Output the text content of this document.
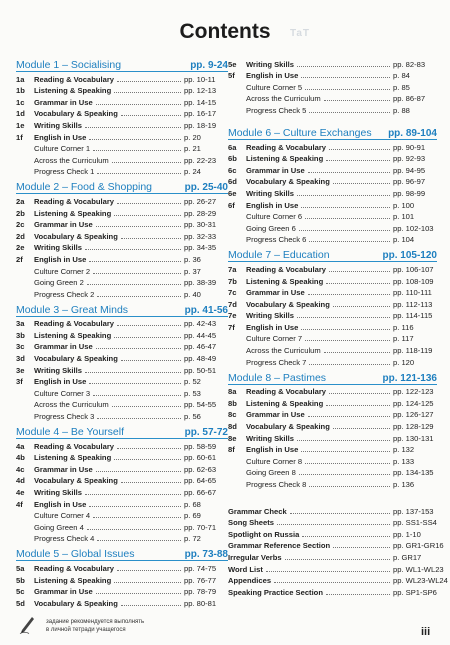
Contents	TaT
Module 1 – Socialising	pp. 9-24
1a	Reading & Vocabulary	pp. 10-11
1b	Listening & Speaking	pp. 12-13
1c	Grammar in Use	pp. 14-15
1d	Vocabulary & Speaking	pp. 16-17
1e	Writing Skills	pp. 18-19
1f	English in Use	p. 20
Culture Corner 1	p. 21
Across the Curriculum	pp. 22-23
Progress Check 1	p. 24
Module 2 – Food & Shopping	pp. 25-40
2a	Reading & Vocabulary	pp. 26-27
2b	Listening & Speaking	pp. 28-29
2c	Grammar in Use	pp. 30-31
2d	Vocabulary & Speaking	pp. 32-33
2e	Writing Skills	pp. 34-35
2f	English in Use	p. 36
Culture Corner 2	p. 37
Going Green 2	pp. 38-39
Progress Check 2	p. 40
Module 3 – Great Minds	pp. 41-56
3a	Reading & Vocabulary	pp. 42-43
3b	Listening & Speaking	pp. 44-45
3c	Grammar in Use	pp. 46-47
3d	Vocabulary & Speaking	pp. 48-49
3e	Writing Skills	pp. 50-51
3f	English in Use	p. 52
Culture Corner 3	p. 53
Across the Curriculum	pp. 54-55
Progress Check 3	p. 56
Module 4 – Be Yourself	pp. 57-72
4a	Reading & Vocabulary	pp. 58-59
4b	Listening & Speaking	pp. 60-61
4c	Grammar in Use	pp. 62-63
4d	Vocabulary & Speaking	pp. 64-65
4e	Writing Skills	pp. 66-67
4f	English in Use	p. 68
Culture Corner 4	p. 69
Going Green 4	pp. 70-71
Progress Check 4	p. 72
Module 5 – Global Issues	pp. 73-88
5a	Reading & Vocabulary	pp. 74-75
5b	Listening & Speaking	pp. 76-77
5c	Grammar in Use	pp. 78-79
5d	Vocabulary & Speaking	pp. 80-81
5e	Writing Skills	pp. 82-83
5f	English in Use	p. 84
Culture Corner 5	p. 85
Across the Curriculum	pp. 86-87
Progress Check 5	p. 88
Module 6 – Culture Exchanges pp. 89-104
6a	Reading & Vocabulary	pp. 90-91
6b	Listening & Speaking	pp. 92-93
6c	Grammar in Use	pp. 94-95
6d	Vocabulary & Speaking	pp. 96-97
6e	Writing Skills	pp. 98-99
6f	English in Use	p. 100
Culture Corner 6	p. 101
Going Green 6	pp. 102-103
Progress Check 6	p. 104
Module 7 – Education	pp. 105-120
7a	Reading & Vocabulary	pp. 106-107
7b	Listening & Speaking	pp. 108-109
7c	Grammar in Use	pp. 110-111
7d	Vocabulary & Speaking	pp. 112-113
7e	Writing Skills	pp. 114-115
7f	English in Use	p. 116
Culture Corner 7	p. 117
Across the Curriculum	pp. 118-119
Progress Check 7	p. 120
Module 8 – Pastimes	pp. 121-136
8a	Reading & Vocabulary	pp. 122-123
8b	Listening & Speaking	pp. 124-125
8c	Grammar in Use	pp. 126-127
8d	Vocabulary & Speaking	pp. 128-129
8e	Writing Skills	pp. 130-131
8f	English in Use	p. 132
Culture Corner 8	p. 133
Going Green 8	pp. 134-135
Progress Check 8	p. 136
Grammar Check	pp. 137-153
Song Sheets	pp. SS1-SS4
Spotlight on Russia	pp. 1-10
Grammar Reference Section	pp. GR1-GR16
Irregular Verbs	p. GR17
Word List	pp. WL1-WL23
Appendices	pp. WL23-WL24
Speaking Practice Section	pp. SP1-SP6
задание рекомендуется выполнять
в личной тетради учащегося	iii
